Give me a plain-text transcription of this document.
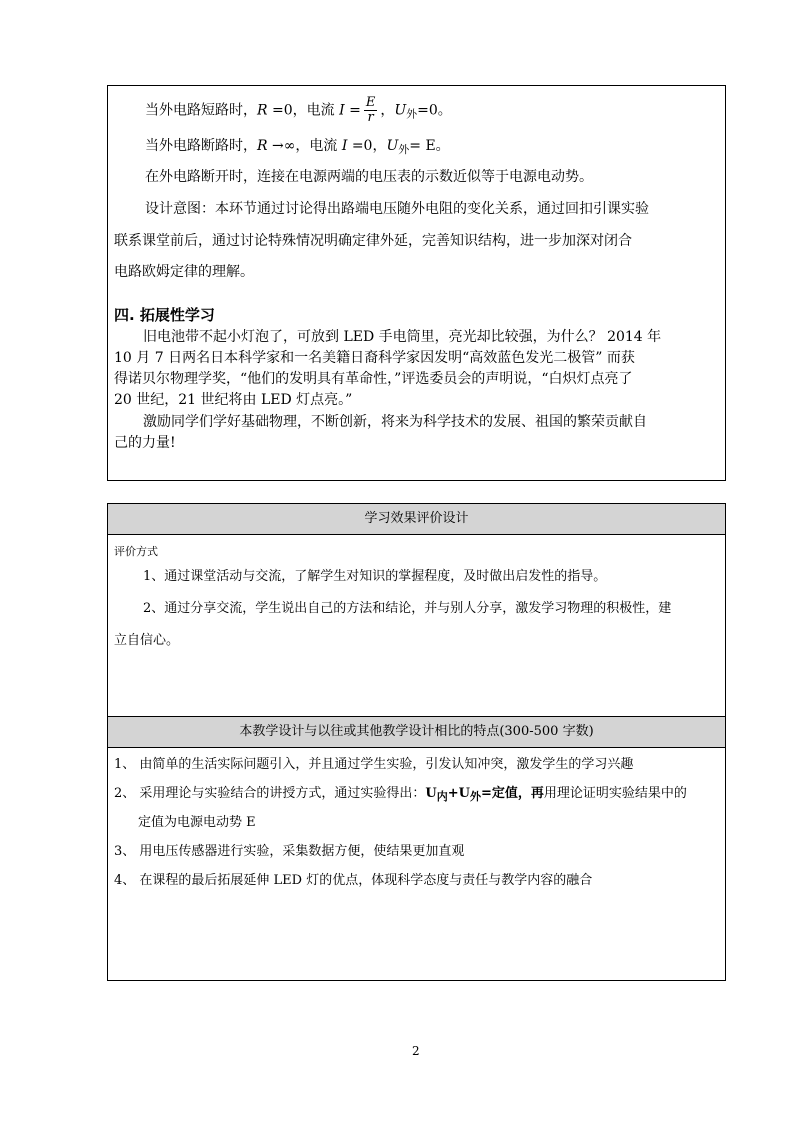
当外电路短路时，R =0，电流 $I = \frac{E}{r}$ ，$U_外=0$。
当外电路断路时，R →∞，电流 I =0，$U_外= E$。
在外电路断开时，连接在电源两端的电压表的示数近似等于电源电动势。
设计意图：本环节通过讨论得出路端电压随外电阻的变化关系，通过回扣引课实验
联系课堂前后，通过讨论特殊情况明确定律外延，完善知识结构，进一步加深对闭合
电路欧姆定律的理解。
四. 拓展性学习
旧电池带不起小灯泡了，可放到 LED 手电筒里，亮光却比较强，为什么？ 2014 年
10 月 7 日两名日本科学家和一名美籍日裔科学家因发明“高效蓝色发光二极管” 而获
得诺贝尔物理学奖，“他们的发明具有革命性，”评选委员会的声明说，“白炽灯点亮了
20 世纪，21 世纪将由 LED 灯点亮。”
激励同学们学好基础物理，不断创新，将来为科学技术的发展、祖国的繁荣贡献自
己的力量!
学习效果评价设计
本教学设计与以往或其他教学设计相比的特点(300-500 字数)
评价方式
1、通过课堂活动与交流，了解学生对知识的掌握程度，及时做出启发性的指导。
2、通过分享交流，学生说出自己的方法和结论，并与别人分享，激发学习物理的积极性，建
立自信心。
1、 由简单的生活实际问题引入，并且通过学生实验，引发认知冲突，激发学生的学习兴趣
2、 采用理论与实验结合的讲授方式，通过实验得出：$U_内+U_外=$定值，再用理论证明实验结果中的
定值为电源电动势 E
3、 用电压传感器进行实验，采集数据方便，使结果更加直观
4、 在课程的最后拓展延伸 LED 灯的优点，体现科学态度与责任与教学内容的融合
2
